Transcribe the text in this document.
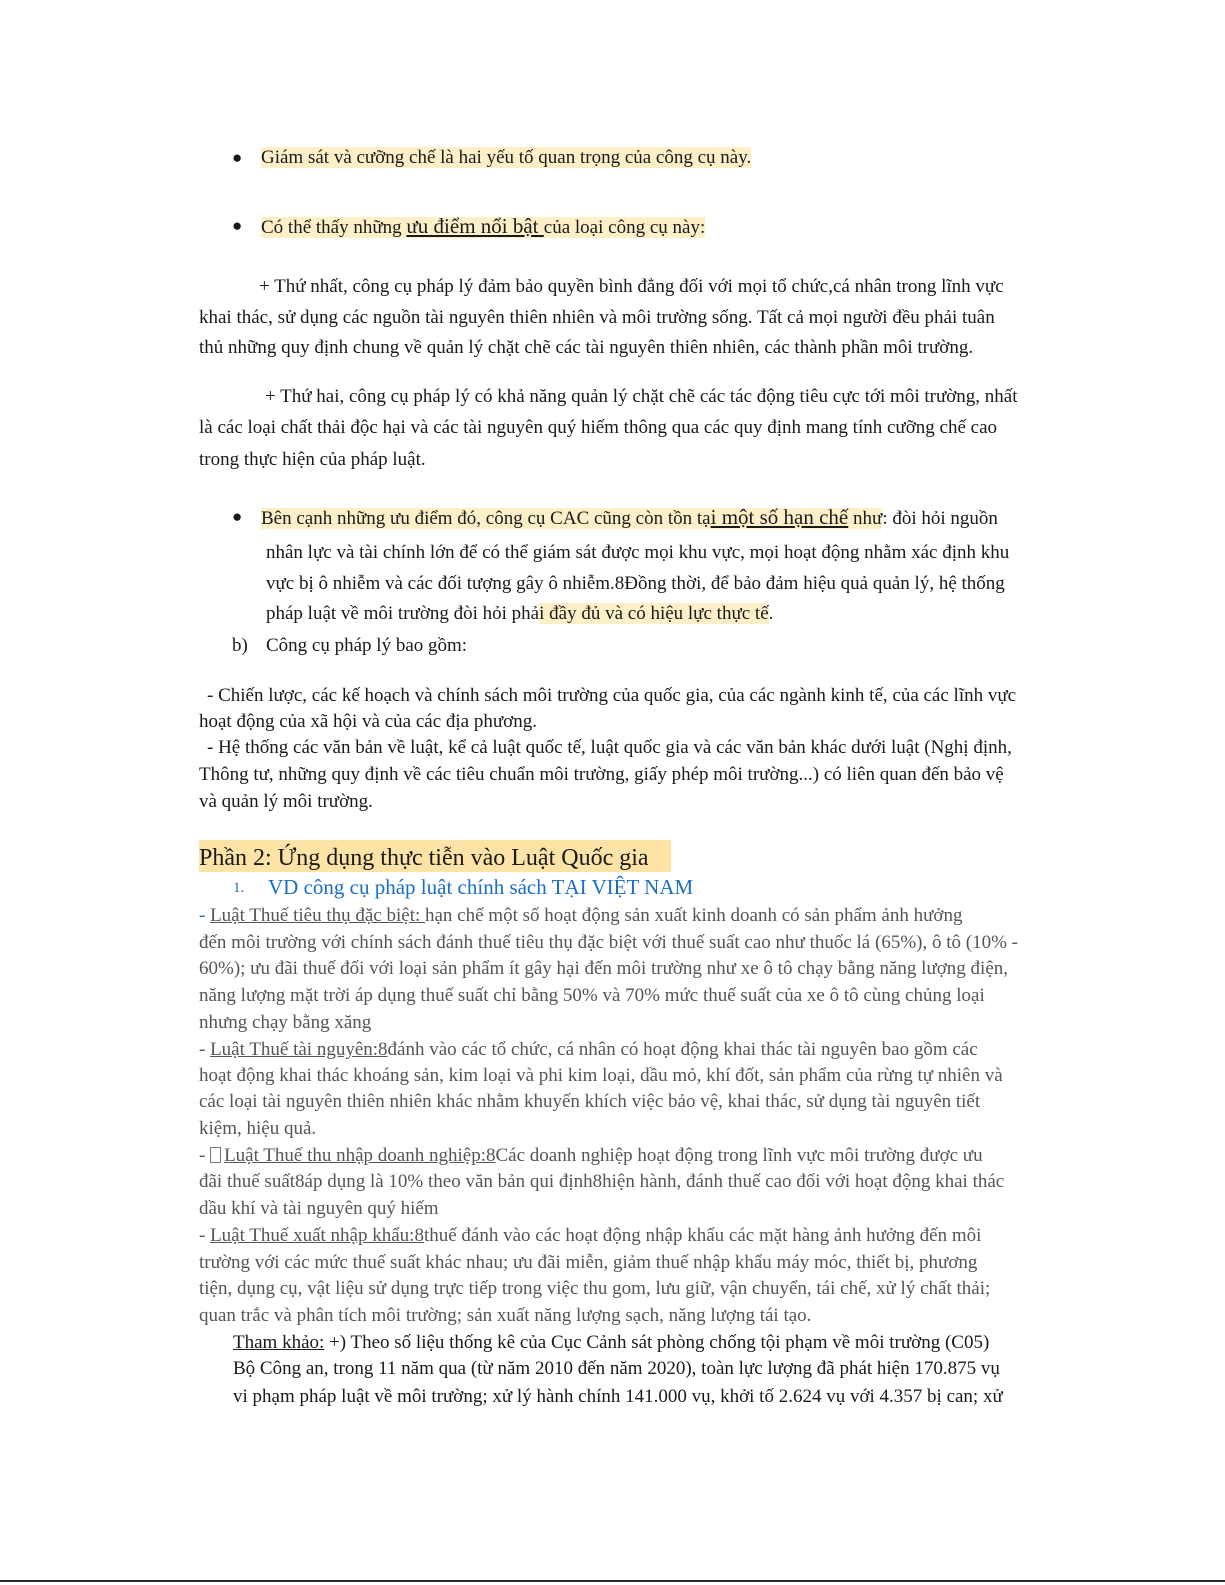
● Giám sát và cưỡng chế là hai yếu tố quan trọng của công cụ này.
● Có thể thấy những ưu điểm nổi bật của loại công cụ này:
+ Thứ nhất, công cụ pháp lý đảm bảo quyền bình đẳng đối với mọi tổ chức,cá nhân trong lĩnh vực
khai thác, sử dụng các nguồn tài nguyên thiên nhiên và môi trường sống. Tất cả mọi người đều phải tuân
thủ những quy định chung về quản lý chặt chẽ các tài nguyên thiên nhiên, các thành phần môi trường.
+ Thứ hai, công cụ pháp lý có khả năng quản lý chặt chẽ các tác động tiêu cực tới môi trường, nhất
là các loại chất thải độc hại và các tài nguyên quý hiếm thông qua các quy định mang tính cưỡng chế cao
trong thực hiện của pháp luật.
● Bên cạnh những ưu điểm đó, công cụ CAC cũng còn tồn tại một số hạn chế như: đòi hỏi nguồn
nhân lực và tài chính lớn để có thể giám sát được mọi khu vực, mọi hoạt động nhằm xác định khu
vực bị ô nhiễm và các đối tượng gây ô nhiễm.8Đồng thời, để bảo đảm hiệu quả quản lý, hệ thống
pháp luật về môi trường đòi hỏi phải đầy đủ và có hiệu lực thực tế.
b) Công cụ pháp lý bao gồm:
- Chiến lược, các kế hoạch và chính sách môi trường của quốc gia, của các ngành kinh tế, của các lĩnh vực
hoạt động của xã hội và của các địa phương.
- Hệ thống các văn bản về luật, kể cả luật quốc tế, luật quốc gia và các văn bản khác dưới luật (Nghị định,
Thông tư, những quy định về các tiêu chuẩn môi trường, giấy phép môi trường...) có liên quan đến bảo vệ
và quản lý môi trường.
Phần 2: Ứng dụng thực tiễn vào Luật Quốc gia
1. VD công cụ pháp luật chính sách TẠI VIỆT NAM
- Luật Thuế tiêu thụ đặc biệt: hạn chế một số hoạt động sản xuất kinh doanh có sản phẩm ảnh hưởng
đến môi trường với chính sách đánh thuế tiêu thụ đặc biệt với thuế suất cao như thuốc lá (65%), ô tô (10% -
60%); ưu đãi thuế đối với loại sản phẩm ít gây hại đến môi trường như xe ô tô chạy bằng năng lượng điện,
năng lượng mặt trời áp dụng thuế suất chỉ bằng 50% và 70% mức thuế suất của xe ô tô cùng chủng loại
nhưng chạy bằng xăng
- Luật Thuế tài nguyên:8đánh vào các tổ chức, cá nhân có hoạt động khai thác tài nguyên bao gồm các
hoạt động khai thác khoáng sản, kim loại và phi kim loại, dầu mỏ, khí đốt, sản phẩm của rừng tự nhiên và
các loại tài nguyên thiên nhiên khác nhằm khuyến khích việc bảo vệ, khai thác, sử dụng tài nguyên tiết
kiệm, hiệu quả.
- Luật Thuế thu nhập doanh nghiệp:8Các doanh nghiệp hoạt động trong lĩnh vực môi trường được ưu
đãi thuế suất8áp dụng là 10% theo văn bản qui định8hiện hành, đánh thuế cao đối với hoạt động khai thác
dầu khí và tài nguyên quý hiếm
- Luật Thuế xuất nhập khẩu:8thuế đánh vào các hoạt động nhập khẩu các mặt hàng ảnh hưởng đến môi
trường với các mức thuế suất khác nhau; ưu đãi miễn, giảm thuế nhập khẩu máy móc, thiết bị, phương
tiện, dụng cụ, vật liệu sử dụng trực tiếp trong việc thu gom, lưu giữ, vận chuyển, tái chế, xử lý chất thải;
quan trắc và phân tích môi trường; sản xuất năng lượng sạch, năng lượng tái tạo.
Tham khảo: +) Theo số liệu thống kê của Cục Cảnh sát phòng chống tội phạm về môi trường (C05)
Bộ Công an, trong 11 năm qua (từ năm 2010 đến năm 2020), toàn lực lượng đã phát hiện 170.875 vụ
vi phạm pháp luật về môi trường; xử lý hành chính 141.000 vụ, khởi tố 2.624 vụ với 4.357 bị can; xử
